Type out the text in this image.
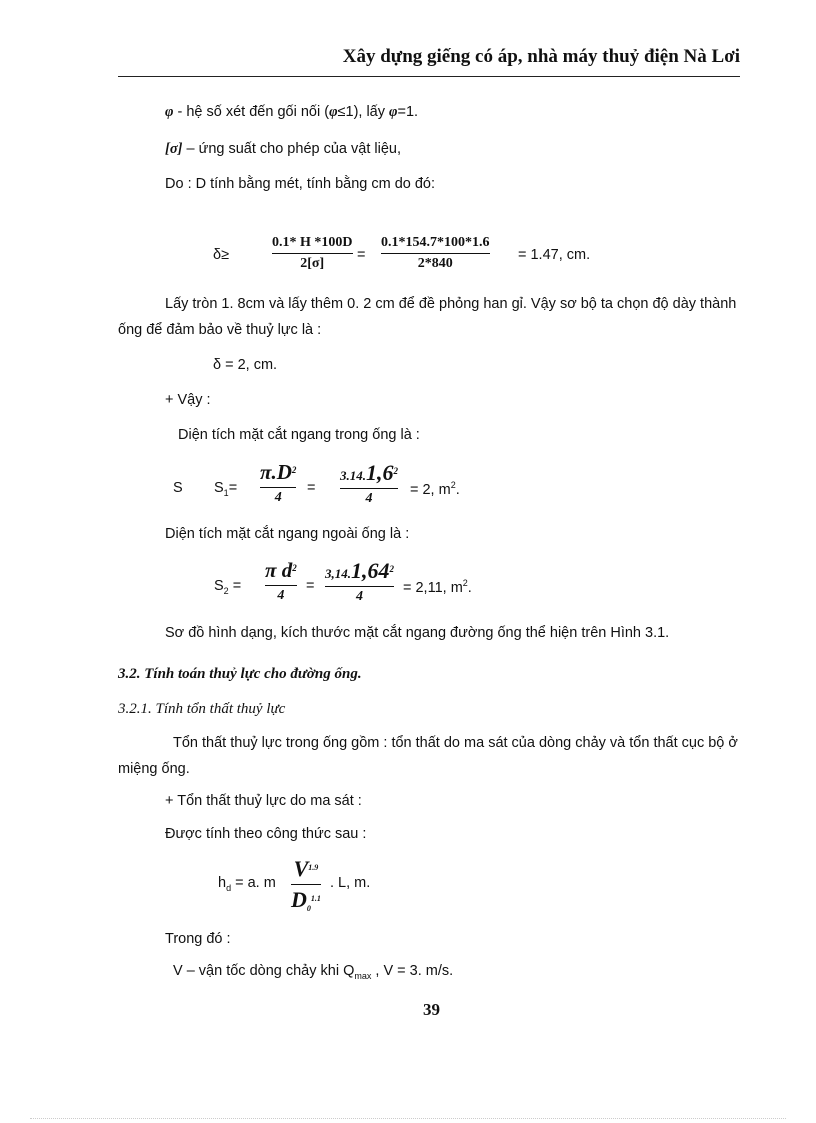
Xây dựng giếng có áp, nhà máy thuỷ điện Nà Lơi
φ - hệ số xét đến gối nối (φ≤1), lấy φ=1.
[σ] – ứng suất cho phép của vật liệu,
Do : D tính bằng mét, tính bằng cm do đó:
δ≥
0.1* H *100D
2[σ]
=
0.1*154.7*100*1.6
2*840
= 1.47, cm.
Lấy tròn 1. 8cm và lấy thêm 0. 2 cm để đề phỏng han gỉ. Vậy sơ bộ ta chọn độ dày thành ống để đảm bảo về thuỷ lực là :
δ = 2, cm.
+ Vậy :
Diện tích mặt cắt ngang trong ống là :
S $S_1=$
$\pi.D^2$
4
=
$3.14.1,6^2$
4
= 2, $m^2$.
Diện tích mặt cắt ngang ngoài ống là :
$S_2$ =
π $d^2$
4
=
$3,14.1,64^2$
4
= 2,11, $m^2$.
Sơ đồ hình dạng, kích thước mặt cắt ngang đường ống thể hiện trên Hình 3.1.
3.2. Tính toán thuỷ lực cho đường ống.
3.2.1. Tính tổn thất thuỷ lực
Tổn thất thuỷ lực trong ống gồm : tổn thất do ma sát của dòng chảy và tổn thất cục bộ ở miệng ống.
+ Tổn thất thuỷ lực do ma sát :
Được tính theo công thức sau :
$h_d = a$. m
$V^{1.9}$
$D_0^{1.1}$
. L, m.
Trong đó :
V – vận tốc dòng chảy khi $Q_{max}$ , V = 3. m/s.
39
